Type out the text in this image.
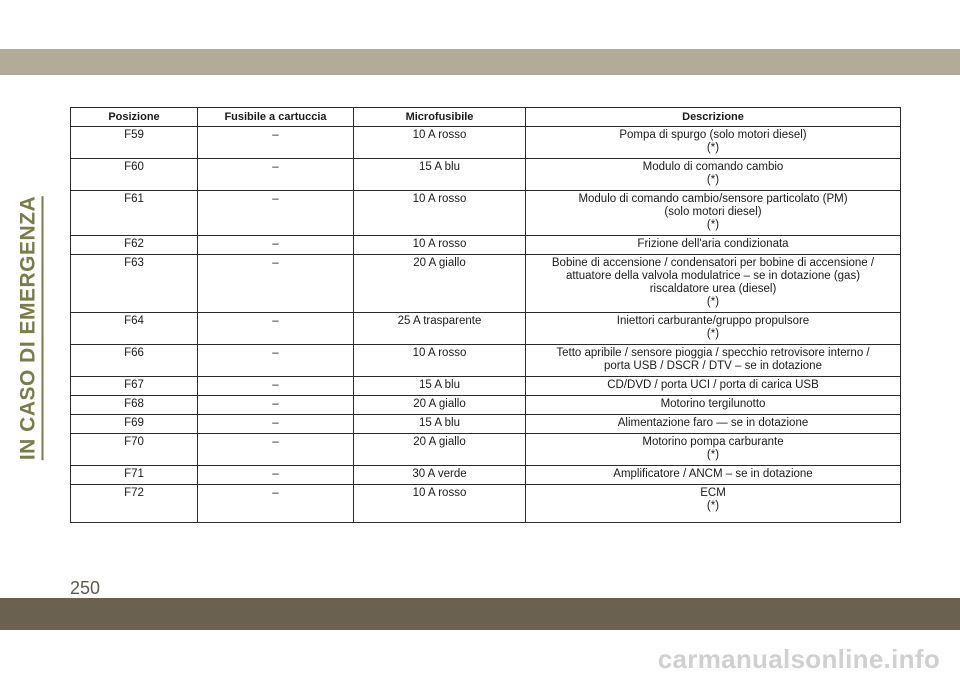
IN CASO DI EMERGENZA
Posizione	Fusibile a cartuccia	Microfusibile	Descrizione
F59	–	10 A rosso	Pompa di spurgo (solo motori diesel)
(*)
F60	–	15 A blu	Modulo di comando cambio
(*)
F61	–	10 A rosso	Modulo di comando cambio/sensore particolato (PM)
(solo motori diesel)
(*)
F62	–	10 A rosso	Frizione dell'aria condizionata
F63	–	20 A giallo	Bobine di accensione / condensatori per bobine di accensione /
attuatore della valvola modulatrice – se in dotazione (gas)
riscaldatore urea (diesel)
(*)
F64	–	25 A trasparente	Iniettori carburante/gruppo propulsore
(*)
F66	–	10 A rosso	Tetto apribile / sensore pioggia / specchio retrovisore interno /
porta USB / DSCR / DTV – se in dotazione
F67	–	15 A blu	CD/DVD / porta UCI / porta di carica USB
F68	–	20 A giallo	Motorino tergilunotto
F69	–	15 A blu	Alimentazione faro — se in dotazione
F70	–	20 A giallo	Motorino pompa carburante
(*)
F71	–	30 A verde	Amplificatore / ANCM – se in dotazione
F72	–	10 A rosso	ECM
(*)
250
carmanualsonline.info
